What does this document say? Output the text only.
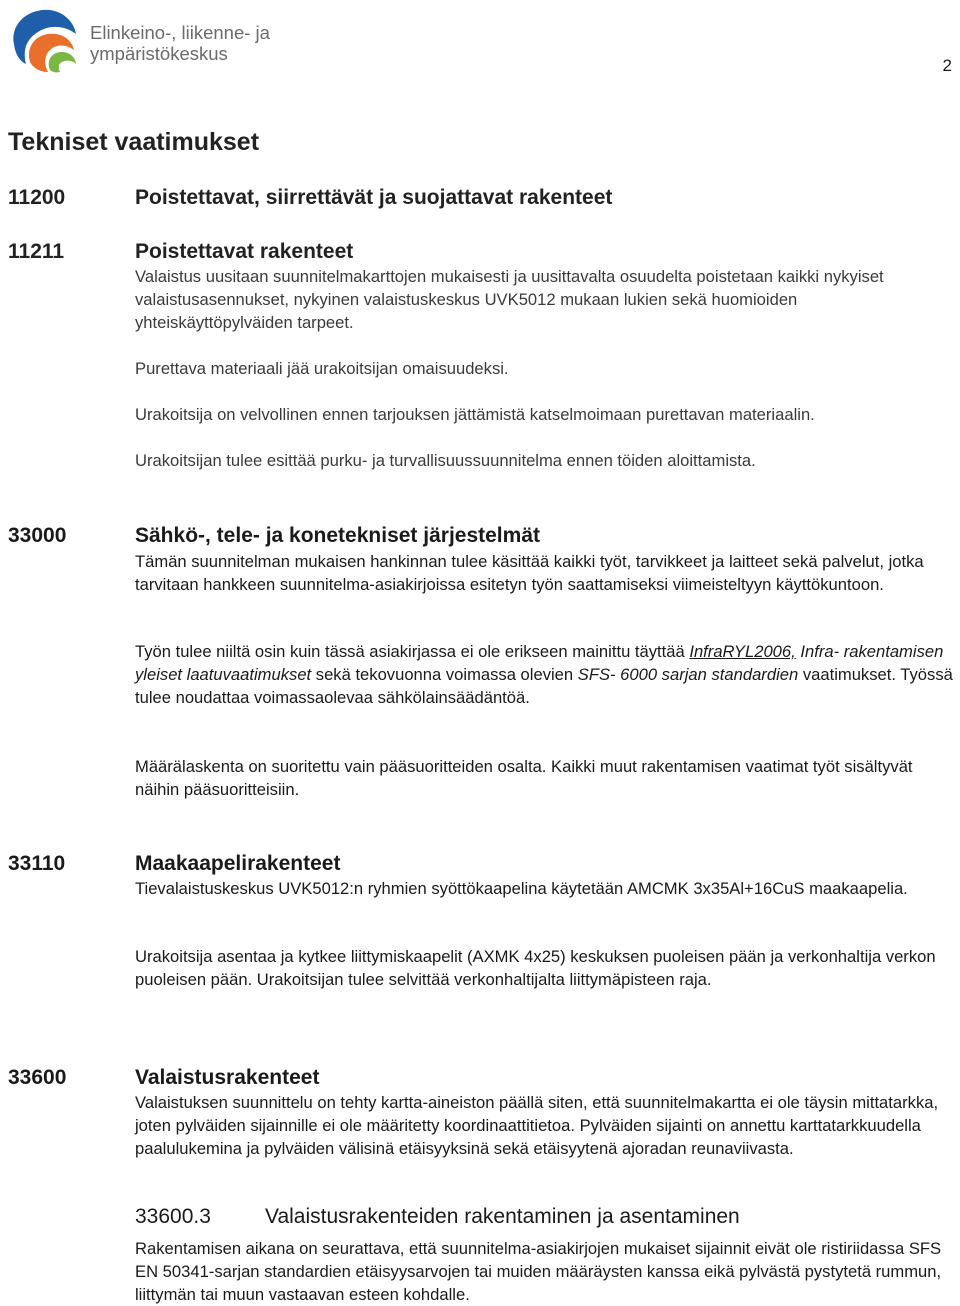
Elinkeino-, liikenne- ja
ympäristökeskus
2
Tekniset vaatimukset
11200	Poistettavat, siirrettävät ja suojattavat rakenteet
11211	Poistettavat rakenteet

Valaistus uusitaan suunnitelmakarttojen mukaisesti ja uusittavalta osuudelta poistetaan kaikki nykyiset valaistusasennukset, nykyinen valaistuskeskus UVK5012 mukaan lukien sekä huomioiden yhteiskäyttöpylväiden tarpeet.

Purettava materiaali jää urakoitsijan omaisuudeksi.

Urakoitsija on velvollinen ennen tarjouksen jättämistä katselmoimaan purettavan materiaalin.

Urakoitsijan tulee esittää purku- ja turvallisuussuunnitelma ennen töiden aloittamista.

33000	Sähkö-, tele- ja konetekniset järjestelmät

Tämän suunnitelman mukaisen hankinnan tulee käsittää kaikki työt, tarvikkeet ja laitteet sekä palvelut, jotka tarvitaan hankkeen suunnitelma-asiakirjoissa esitetyn työn saattamiseksi viimeisteltyyn käyttökuntoon.

Työn tulee niiltä osin kuin tässä asiakirjassa ei ole erikseen mainittu täyttää InfraRYL2006, Infra- rakentamisen yleiset laatuvaatimukset sekä tekovuonna voimassa olevien SFS- 6000 sarjan standardien vaatimukset. Työssä tulee noudattaa voimassaolevaa sähkölainsäädäntöä.

Määrälaskenta on suoritettu vain pääsuoritteiden osalta. Kaikki muut rakentamisen vaatimat työt sisältyvät näihin pääsuoritteisiin.

33110	Maakaapelirakenteet

Tievalaistuskeskus UVK5012:n ryhmien syöttökaapelina käytetään AMCMK 3x35Al+16CuS maakaapelia.

Urakoitsija asentaa ja kytkee liittymiskaapelit (AXMK 4x25) keskuksen puoleisen pään ja verkonhaltija verkon puoleisen pään. Urakoitsijan tulee selvittää verkonhaltijalta liittymäpisteen raja.

33600	Valaistusrakenteet

Valaistuksen suunnittelu on tehty kartta-aineiston päällä siten, että suunnitelmakartta ei ole täysin mittatarkka, joten pylväiden sijainnille ei ole määritetty koordinaattitietoa. Pylväiden sijainti on annettu karttatarkkuudella paalulukemina ja pylväiden välisinä etäisyyksinä sekä etäisyytenä ajoradan reunaviivasta.

33600.3	Valaistusrakenteiden rakentaminen ja asentaminen

Rakentamisen aikana on seurattava, että suunnitelma-asiakirjojen mukaiset sijainnit eivät ole ristiriidassa SFS EN 50341-sarjan standardien etäisyysarvojen tai muiden määräysten kanssa eikä pylvästä pystytetä rummun, liittymän tai muun vastaavan esteen kohdalle.
